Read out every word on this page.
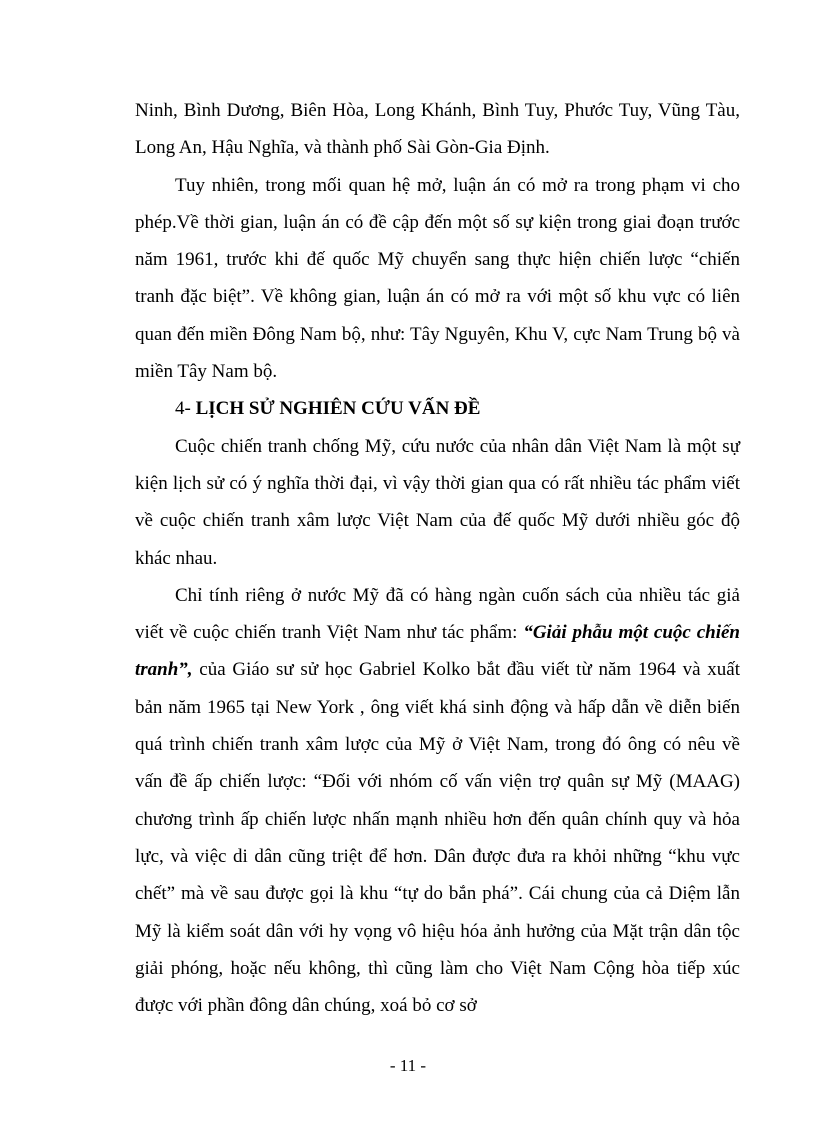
Ninh, Bình Dương, Biên Hòa, Long Khánh, Bình Tuy, Phước Tuy, Vũng Tàu, Long An, Hậu Nghĩa, và thành phố Sài Gòn-Gia Định.

Tuy nhiên, trong mối quan hệ mở, luận án có mở ra trong phạm vi cho phép.Về thời gian, luận án có đề cập đến một số sự kiện trong giai đoạn trước năm 1961, trước khi đế quốc Mỹ chuyển sang thực hiện chiến lược “chiến tranh đặc biệt”. Về không gian, luận án có mở ra với một số khu vực có liên quan đến miền Đông Nam bộ, như: Tây Nguyên, Khu V, cực Nam Trung bộ và miền Tây Nam bộ.

4- LỊCH SỬ NGHIÊN CỨU VẤN ĐỀ

Cuộc chiến tranh chống Mỹ, cứu nước của nhân dân Việt Nam là một sự kiện lịch sử có ý nghĩa thời đại, vì vậy thời gian qua có rất nhiều tác phẩm viết về cuộc chiến tranh xâm lược Việt Nam của đế quốc Mỹ dưới nhiều góc độ khác nhau.

Chỉ tính riêng ở nước Mỹ đã có hàng ngàn cuốn sách của nhiều tác giả viết về cuộc chiến tranh Việt Nam như tác phẩm: “Giải phẫu một cuộc chiến tranh”, của Giáo sư sử học Gabriel Kolko bắt đầu viết từ năm 1964 và xuất bản năm 1965 tại New York , ông viết khá sinh động và hấp dẫn về diễn biến quá trình chiến tranh xâm lược của Mỹ ở Việt Nam, trong đó ông có nêu về vấn đề ấp chiến lược: “Đối với nhóm cố vấn viện trợ quân sự Mỹ (MAAG) chương trình ấp chiến lược nhấn mạnh nhiều hơn đến quân chính quy và hỏa lực, và việc di dân cũng triệt để hơn. Dân được đưa ra khỏi những “khu vực chết” mà về sau được gọi là khu “tự do bắn phá”. Cái chung của cả Diệm lẫn Mỹ là kiểm soát dân với hy vọng vô hiệu hóa ảnh hưởng của Mặt trận dân tộc giải phóng, hoặc nếu không, thì cũng làm cho Việt Nam Cộng hòa tiếp xúc được với phần đông dân chúng, xoá bỏ cơ sở

- 11 -
